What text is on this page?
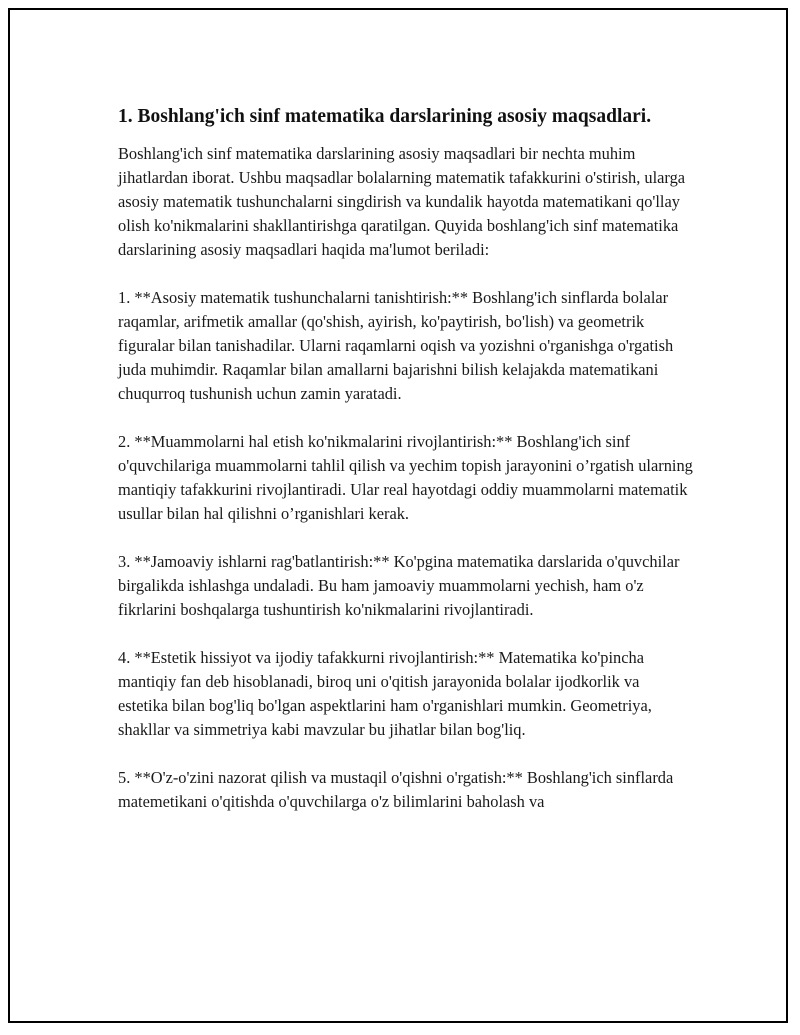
1. Boshlang'ich sinf matematika darslarining asosiy maqsadlari.

Boshlang'ich sinf matematika darslarining asosiy maqsadlari bir nechta muhim jihatlardan iborat. Ushbu maqsadlar bolalarning matematik tafakkurini o'stirish, ularga asosiy matematik tushunchalarni singdirish va kundalik hayotda matematikani qo'llay olish ko'nikmalarini shakllantirishga qaratilgan. Quyida boshlang'ich sinf matematika darslarining asosiy maqsadlari haqida ma'lumot beriladi:

1. **Asosiy matematik tushunchalarni tanishtirish:** Boshlang'ich sinflarda bolalar raqamlar, arifmetik amallar (qo'shish, ayirish, ko'paytirish, bo'lish) va geometrik figuralar bilan tanishadilar. Ularni raqamlarni oqish va yozishni o'rganishga o'rgatish juda muhimdir. Raqamlar bilan amallarni bajarishni bilish kelajakda matematikani chuqurroq tushunish uchun zamin yaratadi.

2. **Muammolarni hal etish ko'nikmalarini rivojlantirish:** Boshlang'ich sinf o'quvchilariga muammolarni tahlil qilish va yechim topish jarayonini o’rgatish ularning mantiqiy tafakkurini rivojlantiradi. Ular real hayotdagi oddiy muammolarni matematik usullar bilan hal qilishni o’rganishlari kerak.

3. **Jamoaviy ishlarni rag'batlantirish:** Ko'pgina matematika darslarida o'quvchilar birgalikda ishlashga undaladi. Bu ham jamoaviy muammolarni yechish, ham o'z fikrlarini boshqalarga tushuntirish ko'nikmalarini rivojlantiradi.

4. **Estetik hissiyot va ijodiy tafakkurni rivojlantirish:** Matematika ko'pincha mantiqiy fan deb hisoblanadi, biroq uni o'qitish jarayonida bolalar ijodkorlik va estetika bilan bog'liq bo'lgan aspektlarini ham o'rganishlari mumkin. Geometriya, shakllar va simmetriya kabi mavzular bu jihatlar bilan bog'liq.

5. **O'z-o'zini nazorat qilish va mustaqil o'qishni o'rgatish:** Boshlang'ich sinflarda matemetikani o'qitishda o'quvchilarga o'z bilimlarini baholash va
